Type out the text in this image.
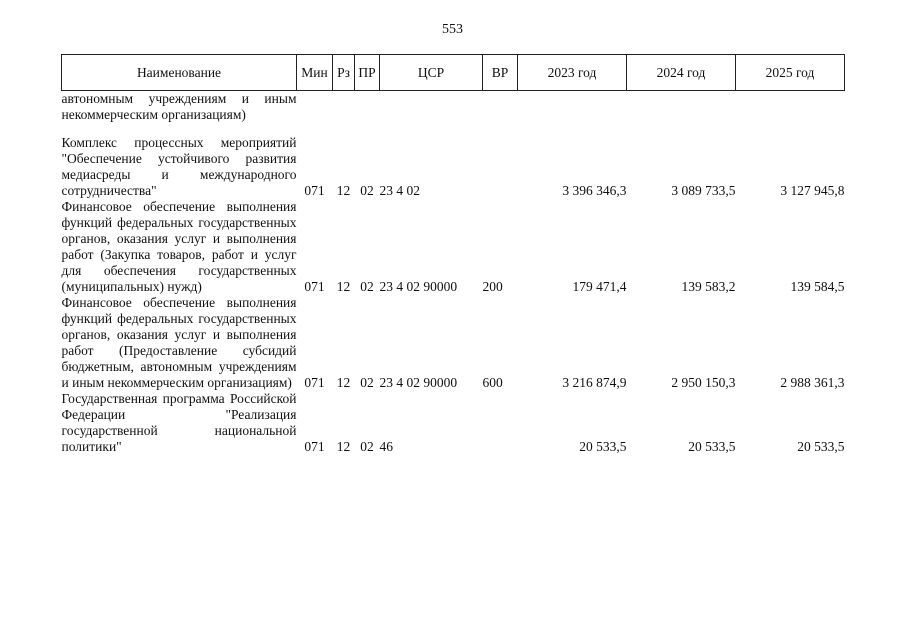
553
Наименование	Мин	Рз	ПР	ЦСР	ВР	2023 год	2024 год	2025 год
автономным учреждениям и иным некоммерческим организациям)								
Комплекс процессных мероприятий "Обеспечение устойчивого развития медиасреды и международного сотрудничества"	071	12	02	23 4 02		3 396 346,3	3 089 733,5	3 127 945,8
Финансовое обеспечение выполнения функций федеральных государственных органов, оказания услуг и выполнения работ (Закупка товаров, работ и услуг для обеспечения государственных (муниципальных) нужд)	071	12	02	23 4 02 90000	200	179 471,4	139 583,2	139 584,5
Финансовое обеспечение выполнения функций федеральных государственных органов, оказания услуг и выполнения работ (Предоставление субсидий бюджетным, автономным учреждениям и иным некоммерческим организациям)	071	12	02	23 4 02 90000	600	3 216 874,9	2 950 150,3	2 988 361,3
Государственная программа Российской Федерации "Реализация государственной национальной политики"	071	12	02	46		20 533,5	20 533,5	20 533,5
